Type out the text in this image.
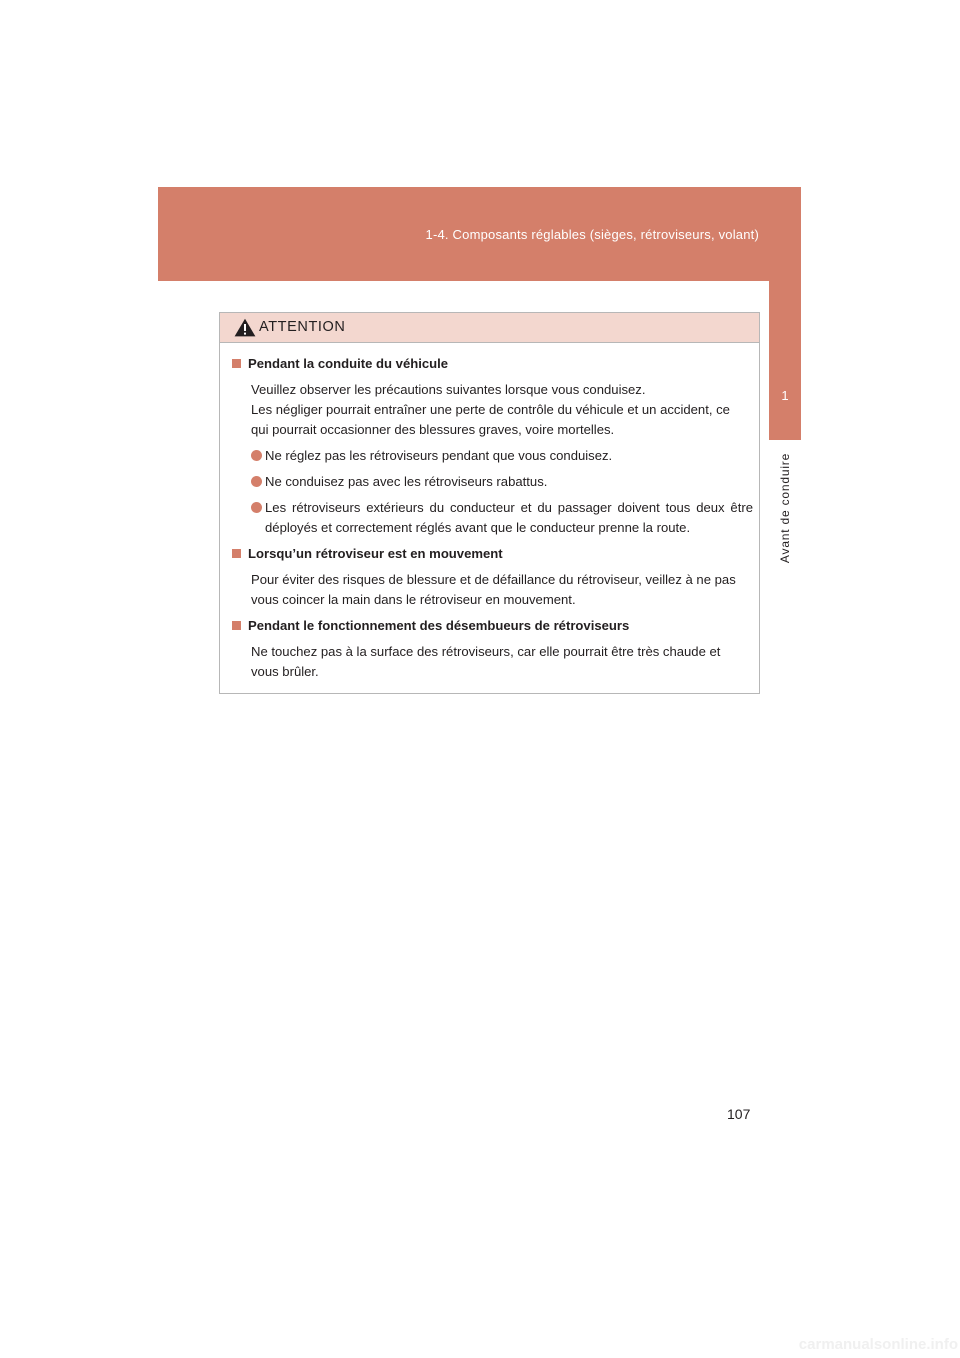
1-4. Composants réglables (sièges, rétroviseurs, volant)
1
Avant de conduire
ATTENTION
Pendant la conduite du véhicule
Veuillez observer les précautions suivantes lorsque vous conduisez.
Les négliger pourrait entraîner une perte de contrôle du véhicule et un accident, ce
qui pourrait occasionner des blessures graves, voire mortelles.
Ne réglez pas les rétroviseurs pendant que vous conduisez.
Ne conduisez pas avec les rétroviseurs rabattus.
Les rétroviseurs extérieurs du conducteur et du passager doivent tous deux être déployés et correctement réglés avant que le conducteur prenne la route.
Lorsqu’un rétroviseur est en mouvement
Pour éviter des risques de blessure et de défaillance du rétroviseur, veillez à ne pas
vous coincer la main dans le rétroviseur en mouvement.
Pendant le fonctionnement des désembueurs de rétroviseurs
Ne touchez pas à la surface des rétroviseurs, car elle pourrait être très chaude et
vous brûler.
107
carmanualsonline.info
